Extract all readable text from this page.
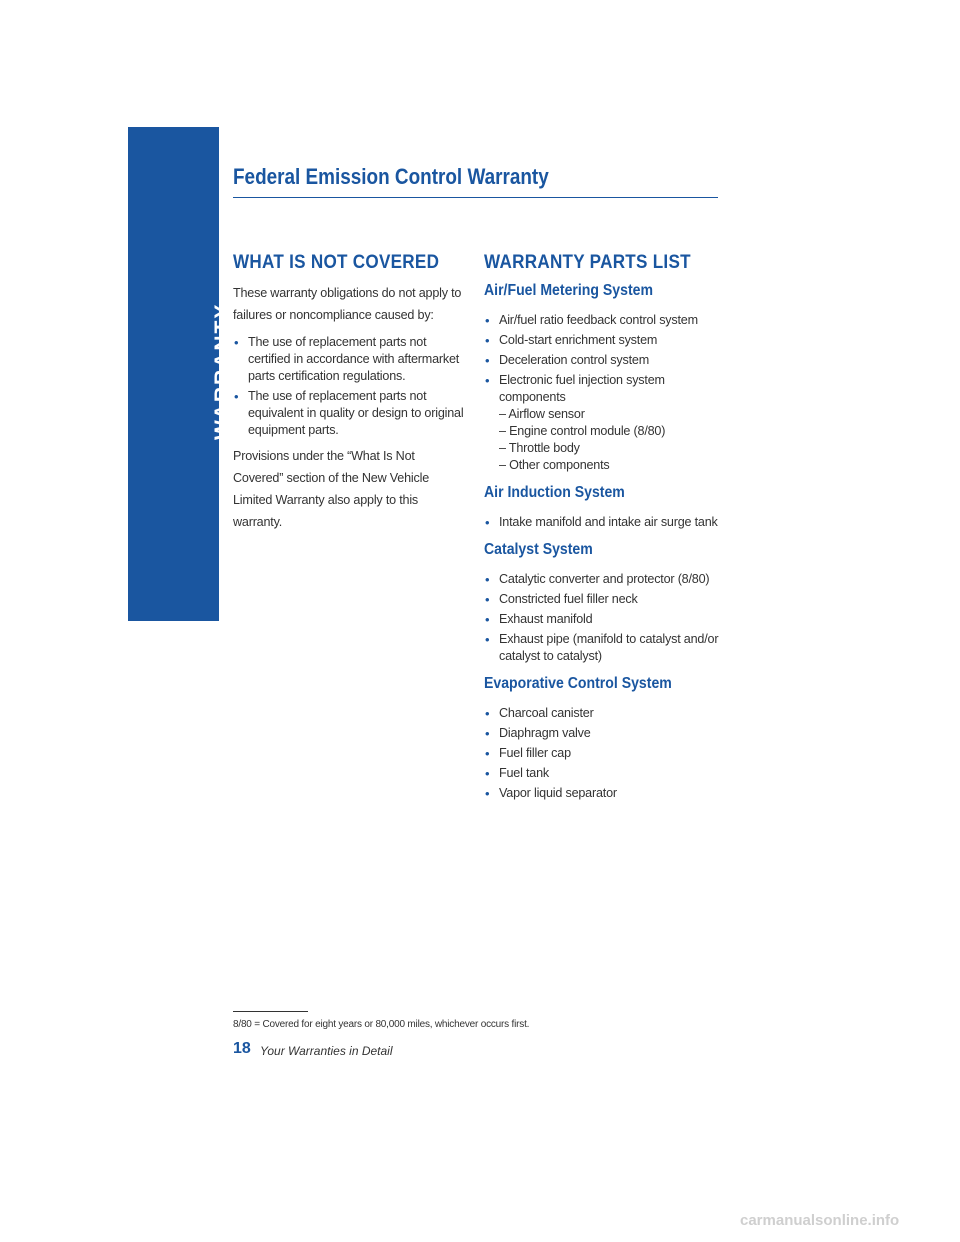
WARRANTY
Federal Emission Control Warranty
WHAT IS NOT COVERED

These warranty obligations do not apply to failures or noncompliance caused by:

• The use of replacement parts not certified in accordance with aftermarket parts certification regulations.
• The use of replacement parts not equivalent in quality or design to original equipment parts.

Provisions under the “What Is Not Covered” section of the New Vehicle Limited Warranty also apply to this warranty.

WARRANTY PARTS LIST
Air/Fuel Metering System
• Air/fuel ratio feedback control system
• Cold-start enrichment system
• Deceleration control system
• Electronic fuel injection system components
– Airflow sensor
– Engine control module (8/80)
– Throttle body
– Other components
Air Induction System
• Intake manifold and intake air surge tank
Catalyst System
• Catalytic converter and protector (8/80)
• Constricted fuel filler neck
• Exhaust manifold
• Exhaust pipe (manifold to catalyst and/or catalyst to catalyst)
Evaporative Control System
• Charcoal canister
• Diaphragm valve
• Fuel filler cap
• Fuel tank
• Vapor liquid separator
8/80 = Covered for eight years or 80,000 miles, whichever occurs first.
18 Your Warranties in Detail
carmanualsonline.info
